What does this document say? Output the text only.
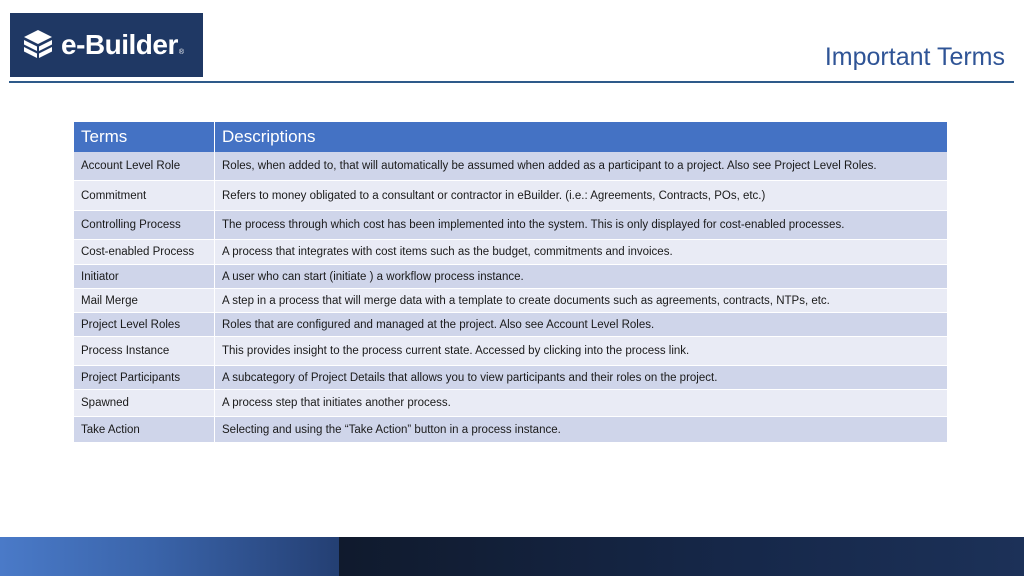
e-Builder®	Important Terms
Terms	Descriptions
Account Level Role	Roles, when added to, that will automatically be assumed when added as a participant to a project. Also see Project Level Roles.
Commitment	Refers to money obligated to a consultant or contractor in eBuilder. (i.e.: Agreements, Contracts, POs, etc.)
Controlling Process	The process through which cost has been implemented into the system. This is only displayed for cost-enabled processes.
Cost-enabled Process	A process that integrates with cost items such as the budget, commitments and invoices.
Initiator	A user who can start (initiate ) a workflow process instance.
Mail Merge	A step in a process that will merge data with a template to create documents such as agreements, contracts, NTPs, etc.
Project Level Roles	Roles that are configured and managed at the project. Also see Account Level Roles.
Process Instance	This provides insight to the process current state. Accessed by clicking into the process link.
Project Participants	A subcategory of Project Details that allows you to view participants and their roles on the project.
Spawned	A process step that initiates another process.
Take Action	Selecting and using the “Take Action” button in a process instance.
